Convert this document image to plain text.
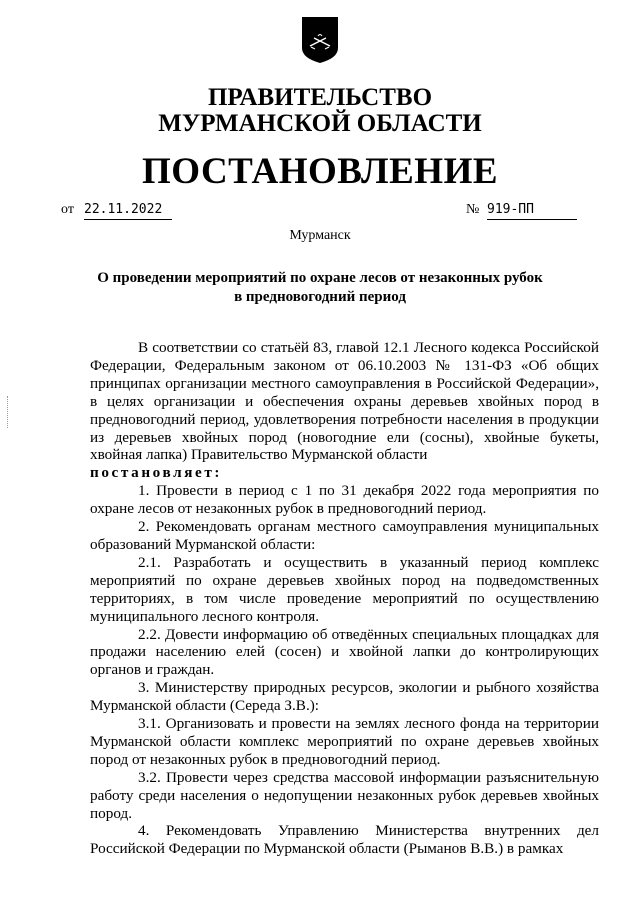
ПРАВИТЕЛЬСТВО
МУРМАНСКОЙ ОБЛАСТИ
ПОСТАНОВЛЕНИЕ
от 22.11.2022	№ 919-ПП
Мурманск
О проведении мероприятий по охране лесов от незаконных рубок
в предновогодний период

В соответствии со статьёй 83, главой 12.1 Лесного кодекса Российской Федерации, Федеральным законом от 06.10.2003 № 131-ФЗ «Об общих принципах организации местного самоуправления в Российской Федерации», в целях организации и обеспечения охраны деревьев хвойных пород в предновогодний период, удовлетворения потребности населения в продукции из деревьев хвойных пород (новогодние ели (сосны), хвойные букеты, хвойная лапка) Правительство Мурманской области

постановляет:

1. Провести в период с 1 по 31 декабря 2022 года мероприятия по охране лесов от незаконных рубок в предновогодний период.

2. Рекомендовать органам местного самоуправления муниципальных образований Мурманской области:

2.1. Разработать и осуществить в указанный период комплекс мероприятий по охране деревьев хвойных пород на подведомственных территориях, в том числе проведение мероприятий по осуществлению муниципального лесного контроля.

2.2. Довести информацию об отведённых специальных площадках для продажи населению елей (сосен) и хвойной лапки до контролирующих органов и граждан.

3. Министерству природных ресурсов, экологии и рыбного хозяйства Мурманской области (Середа З.В.):

3.1. Организовать и провести на землях лесного фонда на территории Мурманской области комплекс мероприятий по охране деревьев хвойных пород от незаконных рубок в предновогодний период.

3.2. Провести через средства массовой информации разъяснительную работу среди населения о недопущении незаконных рубок деревьев хвойных пород.

4. Рекомендовать Управлению Министерства внутренних дел Российской Федерации по Мурманской области (Рыманов В.В.) в рамках
